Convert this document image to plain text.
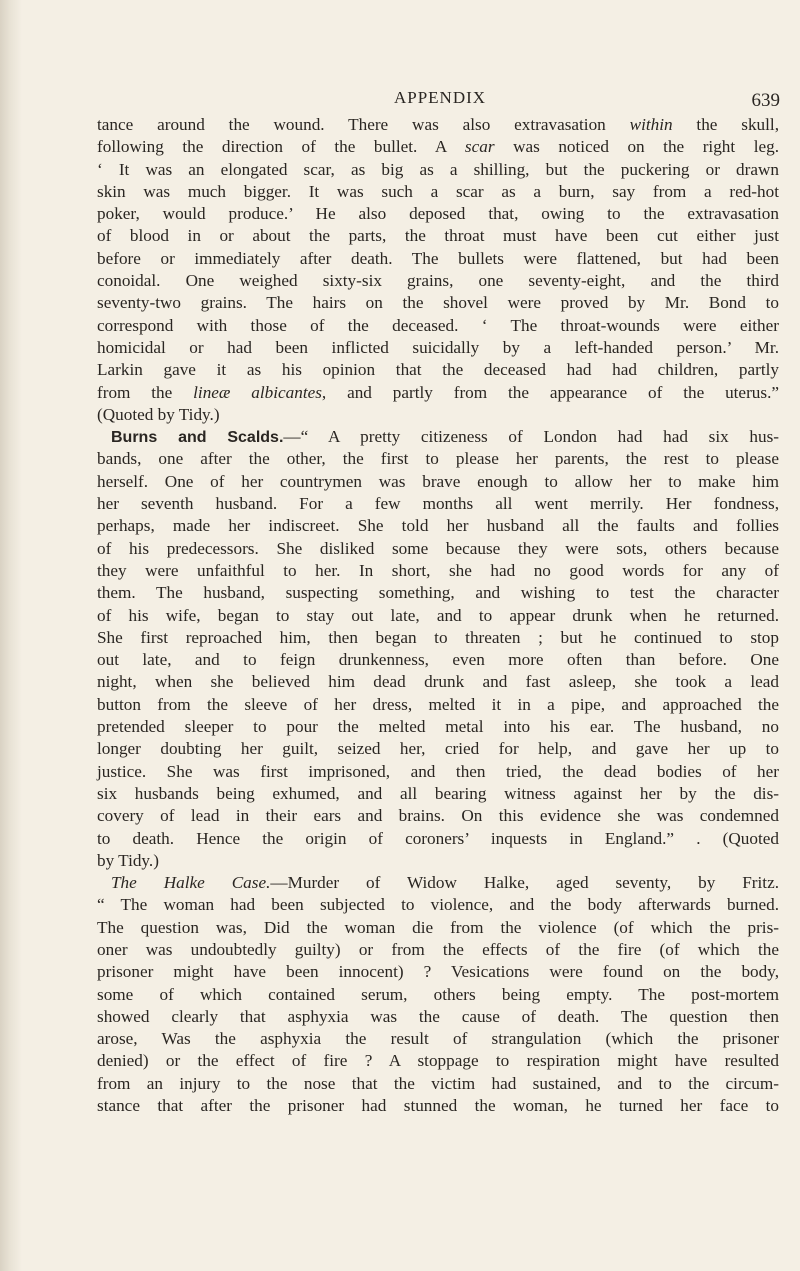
APPENDIX	639
tance around the wound. There was also extravasation within the skull,
following the direction of the bullet. A scar was noticed on the right leg.
‘ It was an elongated scar, as big as a shilling, but the puckering or drawn
skin was much bigger. It was such a scar as a burn, say from a red-hot
poker, would produce.’ He also deposed that, owing to the extravasation
of blood in or about the parts, the throat must have been cut either just
before or immediately after death. The bullets were flattened, but had been
conoidal. One weighed sixty-six grains, one seventy-eight, and the third
seventy-two grains. The hairs on the shovel were proved by Mr. Bond to
correspond with those of the deceased. ‘ The throat-wounds were either
homicidal or had been inflicted suicidally by a left-handed person.’ Mr.
Larkin gave it as his opinion that the deceased had had children, partly
from the lineæ albicantes, and partly from the appearance of the uterus.”
(Quoted by Tidy.)
Burns and Scalds.—“ A pretty citizeness of London had had six hus-
bands, one after the other, the first to please her parents, the rest to please
herself. One of her countrymen was brave enough to allow her to make him
her seventh husband. For a few months all went merrily. Her fondness,
perhaps, made her indiscreet. She told her husband all the faults and follies
of his predecessors. She disliked some because they were sots, others because
they were unfaithful to her. In short, she had no good words for any of
them. The husband, suspecting something, and wishing to test the character
of his wife, began to stay out late, and to appear drunk when he returned.
She first reproached him, then began to threaten ; but he continued to stop
out late, and to feign drunkenness, even more often than before. One
night, when she believed him dead drunk and fast asleep, she took a lead
button from the sleeve of her dress, melted it in a pipe, and approached the
pretended sleeper to pour the melted metal into his ear. The husband, no
longer doubting her guilt, seized her, cried for help, and gave her up to
justice. She was first imprisoned, and then tried, the dead bodies of her
six husbands being exhumed, and all bearing witness against her by the dis-
covery of lead in their ears and brains. On this evidence she was condemned
to death. Hence the origin of coroners’ inquests in England.” . (Quoted
by Tidy.)
The Halke Case.—Murder of Widow Halke, aged seventy, by Fritz.
“ The woman had been subjected to violence, and the body afterwards burned.
The question was, Did the woman die from the violence (of which the pris-
oner was undoubtedly guilty) or from the effects of the fire (of which the
prisoner might have been innocent) ? Vesications were found on the body,
some of which contained serum, others being empty. The post-mortem
showed clearly that asphyxia was the cause of death. The question then
arose, Was the asphyxia the result of strangulation (which the prisoner
denied) or the effect of fire ? A stoppage to respiration might have resulted
from an injury to the nose that the victim had sustained, and to the circum-
stance that after the prisoner had stunned the woman, he turned her face to
